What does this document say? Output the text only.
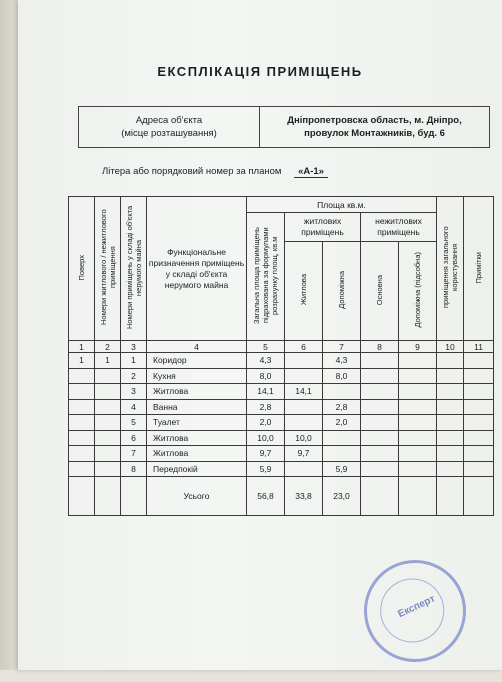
ЕКСПЛІКАЦІЯ ПРИМІЩЕНЬ
Адреса об'єкта
(місце розташування)
Дніпропетровска область, м. Дніпро,
провулок Монтажників, буд. 6
Літера або порядковий номер за планом «А-1»
Поверх	Номери житлового / нежитлового приміщення	Номери приміщень у складі об'єкта нерумого майна	Функціональне призначення приміщень у складі об'єкта нерумого майна	Площа кв.м.					приміщення загального користування	Примітки
				Загальна площа приміщень підрахована за формулами розрахунку площ, кв.м	житлових приміщень		нежитлових приміщень			
					Житлова	Допоміжна	Основна	Допоміжна (підсобна)		
1	2	3	4	5	6	7	8	9	10	11
1	1	1	Коридор	4,3		4,3				
		2	Кухня	8,0		8,0				
		3	Житлова	14,1	14,1					
		4	Ванна	2,8		2,8				
		5	Туалет	2,0		2,0				
		6	Житлова	10,0	10,0					
		7	Житлова	9,7	9,7					
		8	Передпокій	5,9		5,9				
			Усього	56,8	33,8	23,0				
Експерт
